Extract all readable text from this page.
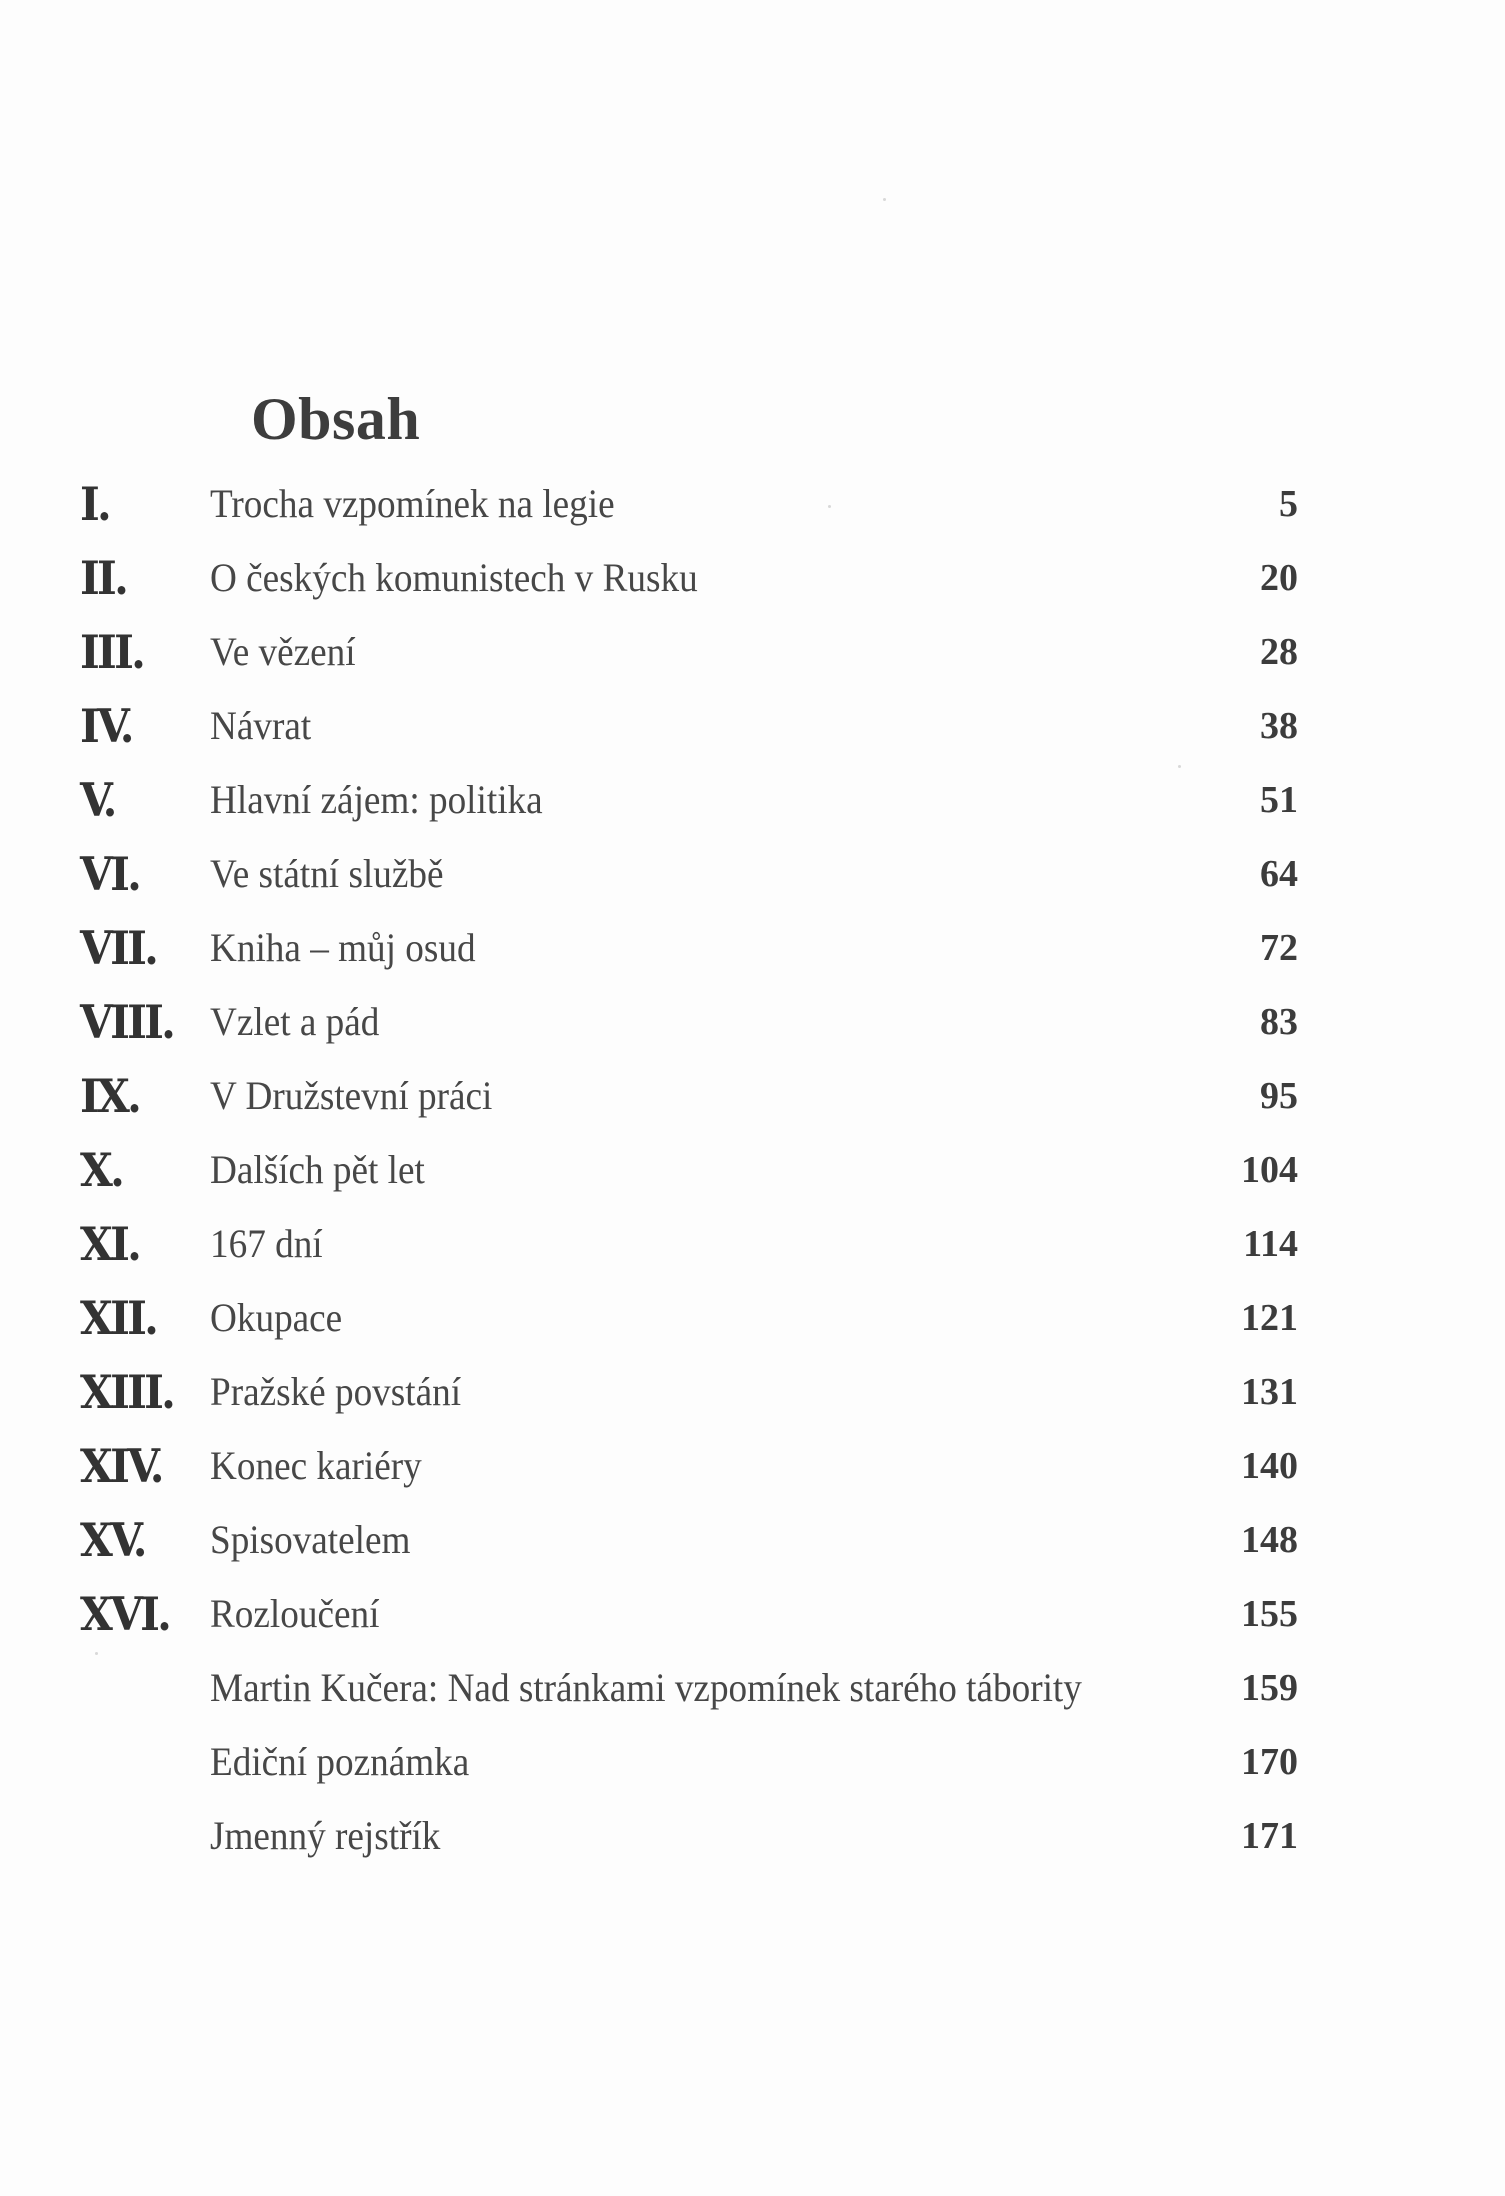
Obsah
I.	Trocha vzpomínek na legie	5
II. O českých komunistech v Rusku	20
III. Ve vězení	28
IV. Návrat	38
V. Hlavní zájem: politika	51
VI. Ve státní službě	64
VII. Kniha – můj osud	72
VIII. Vzlet a pád	83
IX. V Družstevní práci	95
X. Dalších pět let	104
XI. 167 dní	114
XII. Okupace	121
XIII. Pražské povstání	131
XIV. Konec kariéry	140
XV. Spisovatelem	148
XVI. Rozloučení	155
Martin Kučera: Nad stránkami vzpomínek starého tábority	159
Ediční poznámka	170
Jmenný rejstřík	171
